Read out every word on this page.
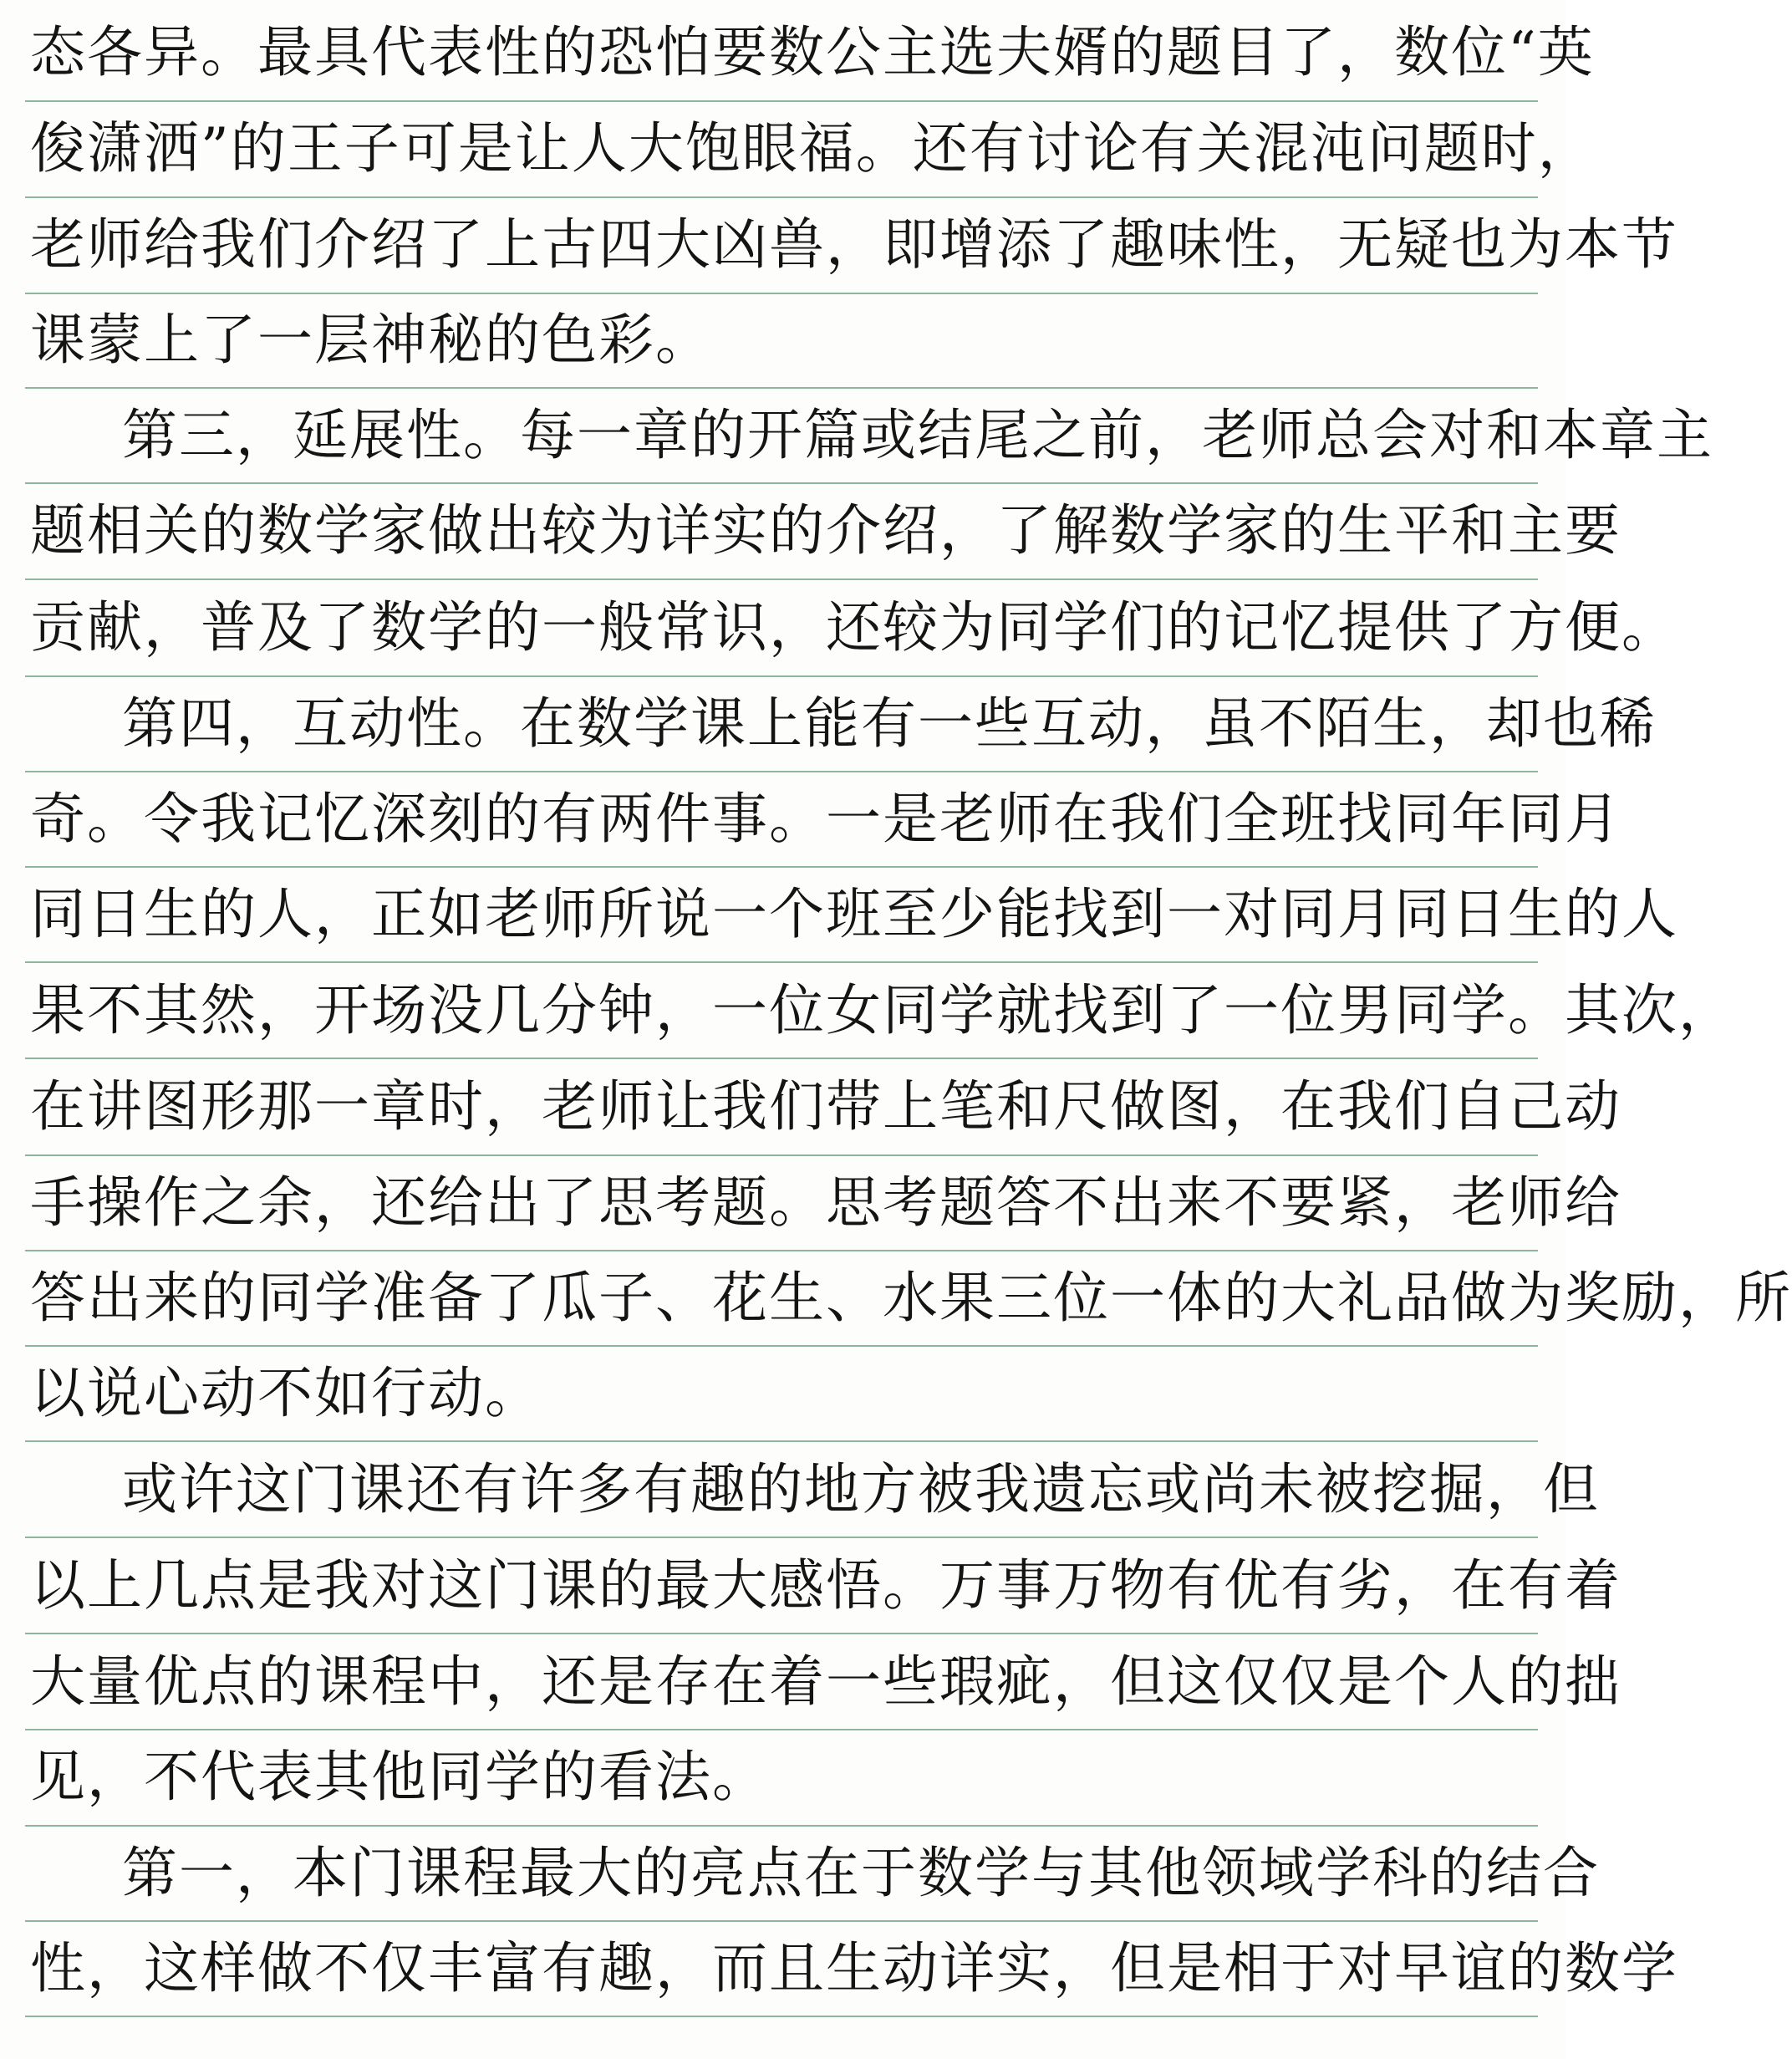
态各异。最具代表性的恐怕要数公主选夫婿的题目了，数位“英
俊潇洒”的王子可是让人大饱眼福。还有讨论有关混沌问题时，
老师给我们介绍了上古四大凶兽，即增添了趣味性，无疑也为本节
课蒙上了一层神秘的色彩。
第三，延展性。每一章的开篇或结尾之前，老师总会对和本章主
题相关的数学家做出较为详实的介绍，了解数学家的生平和主要
贡献，普及了数学的一般常识，还较为同学们的记忆提供了方便。
第四，互动性。在数学课上能有一些互动，虽不陌生，却也稀
奇。令我记忆深刻的有两件事。一是老师在我们全班找同年同月
同日生的人，正如老师所说一个班至少能找到一对同月同日生的人
果不其然，开场没几分钟，一位女同学就找到了一位男同学。其次，
在讲图形那一章时，老师让我们带上笔和尺做图，在我们自己动
手操作之余，还给出了思考题。思考题答不出来不要紧，老师给
答出来的同学准备了瓜子、花生、水果三位一体的大礼品做为奖励，所
以说心动不如行动。
或许这门课还有许多有趣的地方被我遗忘或尚未被挖掘，但
以上几点是我对这门课的最大感悟。万事万物有优有劣，在有着
大量优点的课程中，还是存在着一些瑕疵，但这仅仅是个人的拙
见，不代表其他同学的看法。
第一，本门课程最大的亮点在于数学与其他领域学科的结合
性，这样做不仅丰富有趣，而且生动详实，但是相于对早谊的数学
